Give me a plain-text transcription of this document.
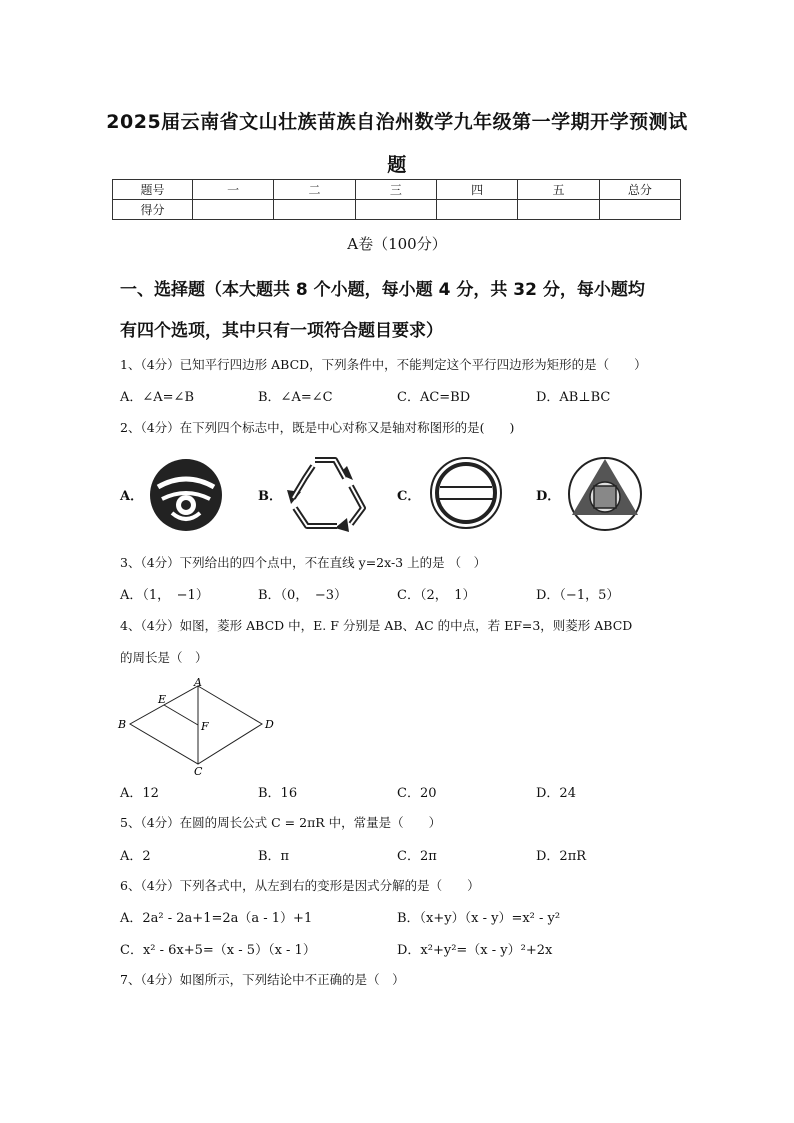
2025届云南省文山壮族苗族自治州数学九年级第一学期开学预测试
题
题号	一	二	三	四	五	总分
得分						
A卷（100分）
一、选择题（本大题共 8 个小题，每小题 4 分，共 32 分，每小题均
有四个选项，其中只有一项符合题目要求）
1、（4分）已知平行四边形 ABCD，下列条件中，不能判定这个平行四边形为矩形的是（　　）
A．∠A=∠B	B．∠A=∠C	C．AC=BD	D．AB⊥BC
2、（4分）在下列四个标志中，既是中心对称又是轴对称图形的是(　　)
A．	B．	C．	D．
3、（4分）下列给出的四个点中，不在直线 y=2x-3 上的是 （　）
A．（1，　−1）	B．（0，　−3）	C．（2，　1）	D．（−1，5）
4、（4分）如图，菱形 ABCD 中，E. F 分别是 AB、AC 的中点，若 EF=3，则菱形 ABCD
的周长是（　）
A
B
C
D
E
F
A．12	B．16	C．20	D．24
5、（4分）在圆的周长公式 C = 2πR 中，常量是（　　）
A．2	B．π	C．2π	D．2πR
6、（4分）下列各式中，从左到右的变形是因式分解的是（　　）
A．2a² - 2a+1=2a（a - 1）+1	B．（x+y）（x - y）=x² - y²
C．x² - 6x+5=（x - 5）（x - 1）	D．x²+y²=（x - y）²+2x
7、（4分）如图所示，下列结论中不正确的是（　）
